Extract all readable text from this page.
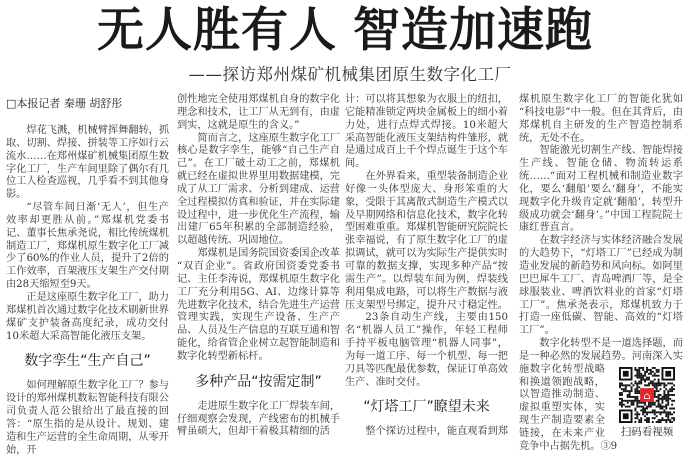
无人胜有人 智造加速跑
——探访郑州煤矿机械集团原生数字化工厂
□本报记者 秦珊 胡舒彤

焊花飞溅，机械臂挥舞翻转，抓取、切割、焊接、拼装等工序如行云流水……在郑州煤矿机械集团原生数字化工厂，生产车间里除了偶尔有几位工人检查巡视，几乎看不到其他身影。

“尽管车间日渐‘无人’，但生产效率却更胜从前。”郑煤机党委书记、董事长焦承尧说，相比传统煤机制造工厂，郑煤机原生数字化工厂减少了60%的作业人员，提升了2倍的工作效率，百架液压支架生产交付期由28天缩短至9天。

正是这座原生数字化工厂，助力郑煤机首次通过数字化技术刷新世界煤矿支护装备高度纪录，成功交付10米超大采高智能化液压支架。

数字孪生“生产自己”

如何理解原生数字化工厂？参与设计的郑州煤机数耘智能科技有限公司负责人范公银给出了最直接的回答：“原生指的是从设计、规划、建造和生产运营的全生命周期，从零开始，开

创性地完全使用郑煤机自身的数字化理念和技术，让工厂从无到有，由虚到实，这就是原生的含义。”

简而言之，这座原生数字化工厂核心是数字孪生，能够“自己生产自己”。在工厂破土动工之前，郑煤机就已经在虚拟世界里用数据建模，完成了从工厂需求、分析到建成、运营全过程模拟仿真和验证，并在实际建设过程中，进一步优化生产流程，输出建厂65年积累的全部制造经验，以超越传统、巩固地位。

郑煤机是国务院国资委国企改革“双百企业”。省政府国资委党委书记、主任李涛说，郑煤机原生数字化工厂充分利用5G、AI、边缘计算等先进数字化技术，结合先进生产运营管理实践，实现生产设备、生产产品、人员及生产信息的互联互通和智能化，给省管企业树立起智能制造和数字化转型新标杆。

多种产品“按需定制”

走进原生数字化工厂焊装车间，仔细观察会发现，产线密布的机械手臂虽硕大，但却干着极其精细的活

计：可以将其想象为衣服上的纽扣，它能精准锁定两块金属板上的细小着力处，进行点焊式焊接。10米超大采高智能化液压支架结构件雏形，就是通过成百上千个焊点诞生于这个车间。

在外界看来，重型装备制造企业好像一头体型庞大、身形笨重的大象，受限于其离散式制造生产模式以及早期网络和信息化技术，数字化转型困难重重。郑煤机智能研究院院长张幸福说，有了原生数字化工厂的虚拟调试，就可以为实际生产提供实时可靠的数据支撑，实现多种产品“按需生产”。以焊装车间为例，焊装线利用集成电路，可以将生产数据与液压支架型号绑定，提升尺寸稳定性。

23条自动生产线，主要由150名“机器人员工”操作，年轻工程师手持平板电脑管理“机器人同事”，为每一道工序、每一个机型、每一把刀具等匹配最优参数，保证订单高效生产、准时交付。

“灯塔工厂”瞭望未来

整个探访过程中，能直观看到郑

煤机原生数字化工厂的智能化犹如“科技电影”中一般。但在其背后，由郑煤机自主研发的生产智造控制系统，无处不在。

智能激光切割生产线、智能焊接生产线、智能仓储、物流转运系统……“面对工程机械和制造业数字化，要么‘翻船’要么‘翻身’，不能实现数字化升级肯定就‘翻船’，转型升级成功就会‘翻身’。”中国工程院院士康红普直言。

在数字经济与实体经济融合发展的大趋势下，“灯塔工厂”已经成为制造业发展的新趋势和风向标。如阿里巴巴犀牛工厂、青岛啤酒厂等，是全球服装业、啤酒饮料业的首家“灯塔工厂”。焦承尧表示，郑煤机致力于打造一座低碳、智能、高效的“灯塔工厂”。

数字化转型不是一道选择题，而是一种必然的发展趋势。河南深入实
⌂
扫码看视频
施数字化转型战略和换道领跑战略，以智造推动制造、虚拟重塑实体，实现生产制造要素全链接，在未来产业竞争中占据先机。③9
